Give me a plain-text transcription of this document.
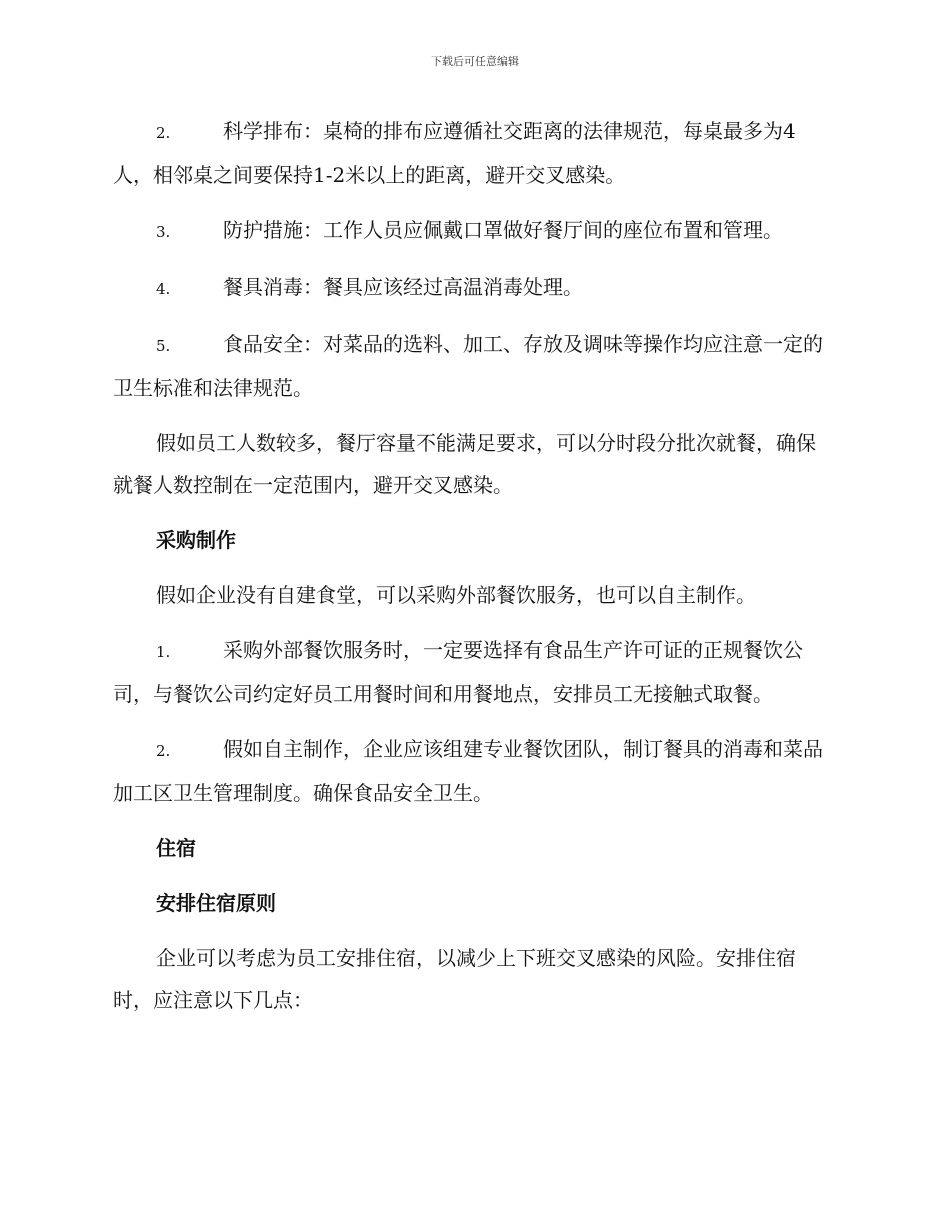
下载后可任意编辑

2.	科学排布：桌椅的排布应遵循社交距离的法律规范，每桌最多为4人，相邻桌之间要保持1-2米以上的距离，避开交叉感染。

3.	防护措施：工作人员应佩戴口罩做好餐厅间的座位布置和管理。

4.	餐具消毒：餐具应该经过高温消毒处理。

5.	食品安全：对菜品的选料、加工、存放及调味等操作均应注意一定的卫生标准和法律规范。

假如员工人数较多，餐厅容量不能满足要求，可以分时段分批次就餐，确保就餐人数控制在一定范围内，避开交叉感染。

采购制作

假如企业没有自建食堂，可以采购外部餐饮服务，也可以自主制作。

1.	采购外部餐饮服务时，一定要选择有食品生产许可证的正规餐饮公司，与餐饮公司约定好员工用餐时间和用餐地点，安排员工无接触式取餐。

2.	假如自主制作，企业应该组建专业餐饮团队，制订餐具的消毒和菜品加工区卫生管理制度。确保食品安全卫生。

住宿

安排住宿原则

企业可以考虑为员工安排住宿，以减少上下班交叉感染的风险。安排住宿时，应注意以下几点：
